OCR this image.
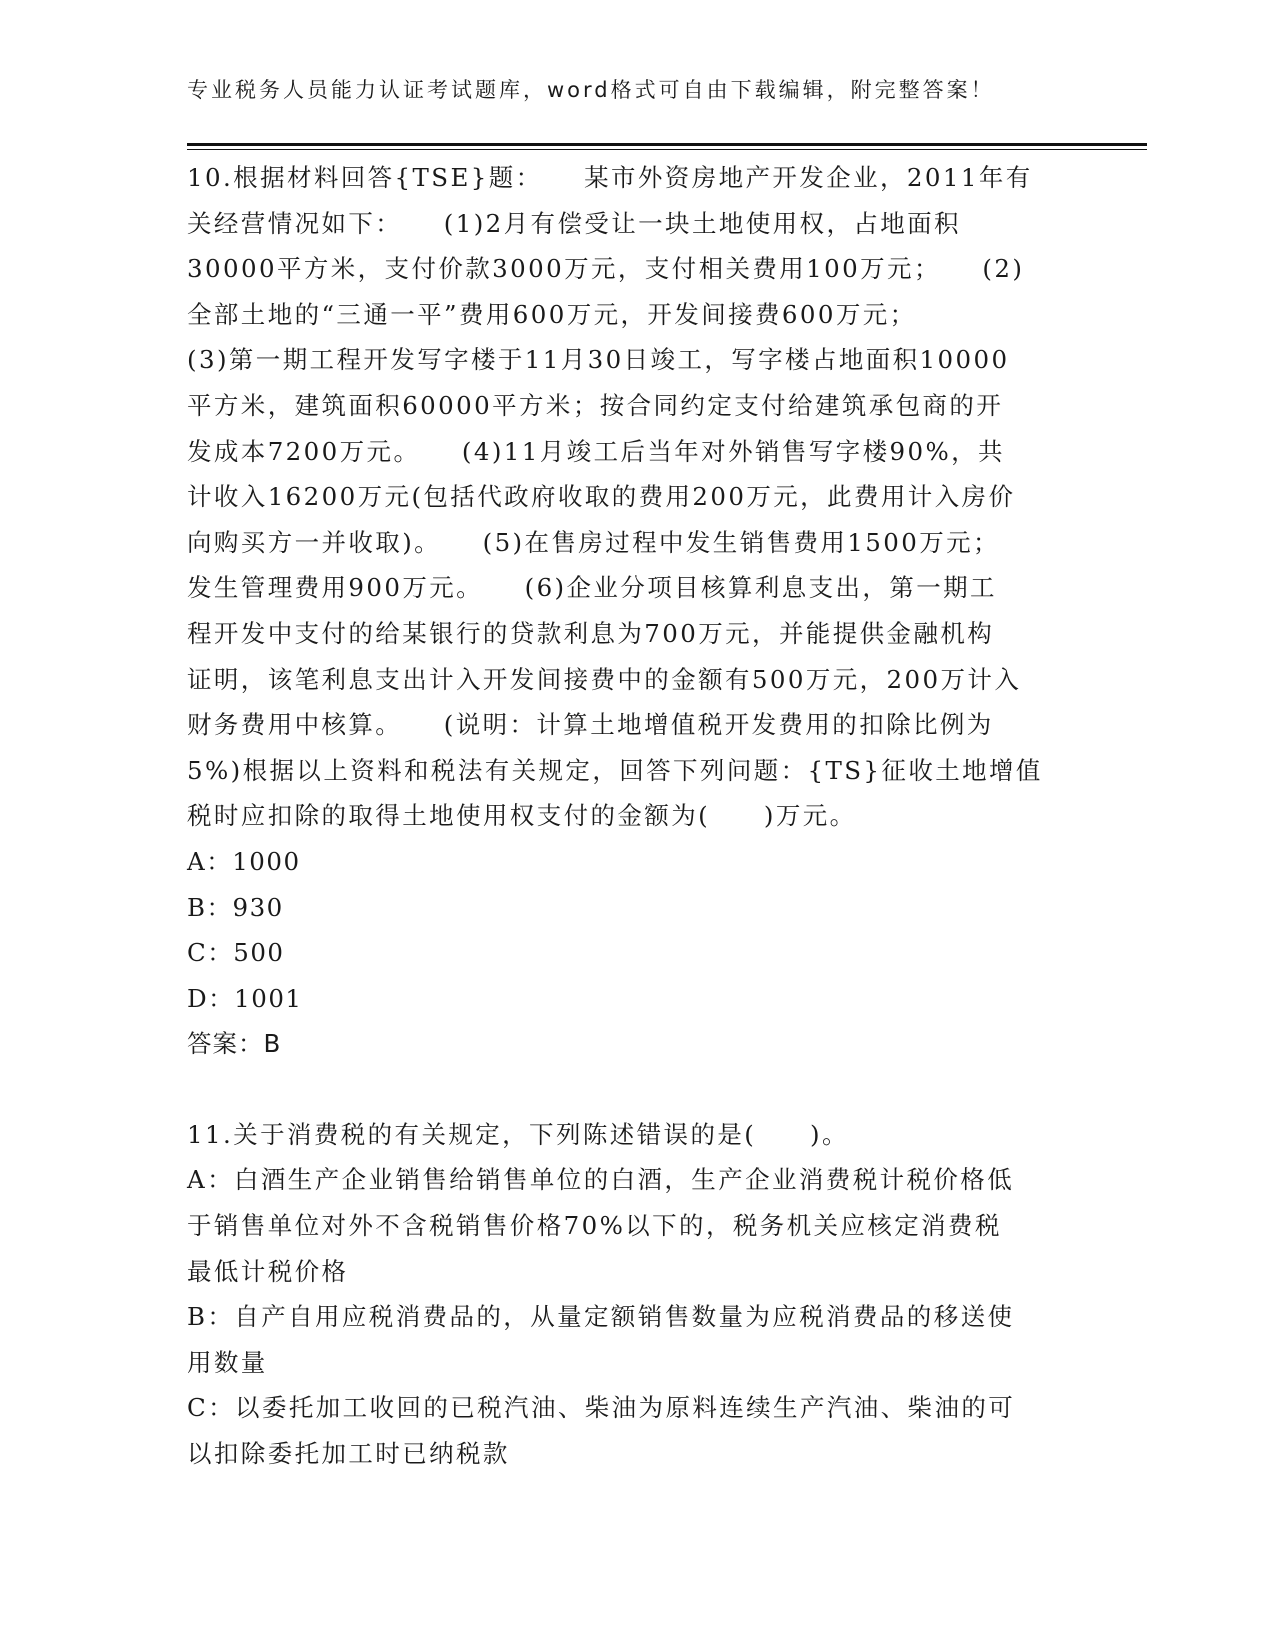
专业税务人员能力认证考试题库，word格式可自由下载编辑，附完整答案！

10.根据材料回答{TSE}题：　　某市外资房地产开发企业，2011年有

关经营情况如下：　　(1)2月有偿受让一块土地使用权，占地面积

30000平方米，支付价款3000万元，支付相关费用100万元；　　(2)

全部土地的“三通一平”费用600万元，开发间接费600万元；

(3)第一期工程开发写字楼于11月30日竣工，写字楼占地面积10000

平方米，建筑面积60000平方米；按合同约定支付给建筑承包商的开

发成本7200万元。　　(4)11月竣工后当年对外销售写字楼90%，共

计收入16200万元(包括代政府收取的费用200万元，此费用计入房价

向购买方一并收取)。　　(5)在售房过程中发生销售费用1500万元；

发生管理费用900万元。　　(6)企业分项目核算利息支出，第一期工

程开发中支付的给某银行的贷款利息为700万元，并能提供金融机构

证明，该笔利息支出计入开发间接费中的金额有500万元，200万计入

财务费用中核算。　　(说明：计算土地增值税开发费用的扣除比例为

5%)根据以上资料和税法有关规定，回答下列问题：{TS}征收土地增值

税时应扣除的取得土地使用权支付的金额为(　　)万元。

A：1000

B：930

C：500

D：1001

答案：B

11.关于消费税的有关规定，下列陈述错误的是(　　)。

A：白酒生产企业销售给销售单位的白酒，生产企业消费税计税价格低

于销售单位对外不含税销售价格70%以下的，税务机关应核定消费税

最低计税价格

B：自产自用应税消费品的，从量定额销售数量为应税消费品的移送使

用数量

C：以委托加工收回的已税汽油、柴油为原料连续生产汽油、柴油的可

以扣除委托加工时已纳税款
